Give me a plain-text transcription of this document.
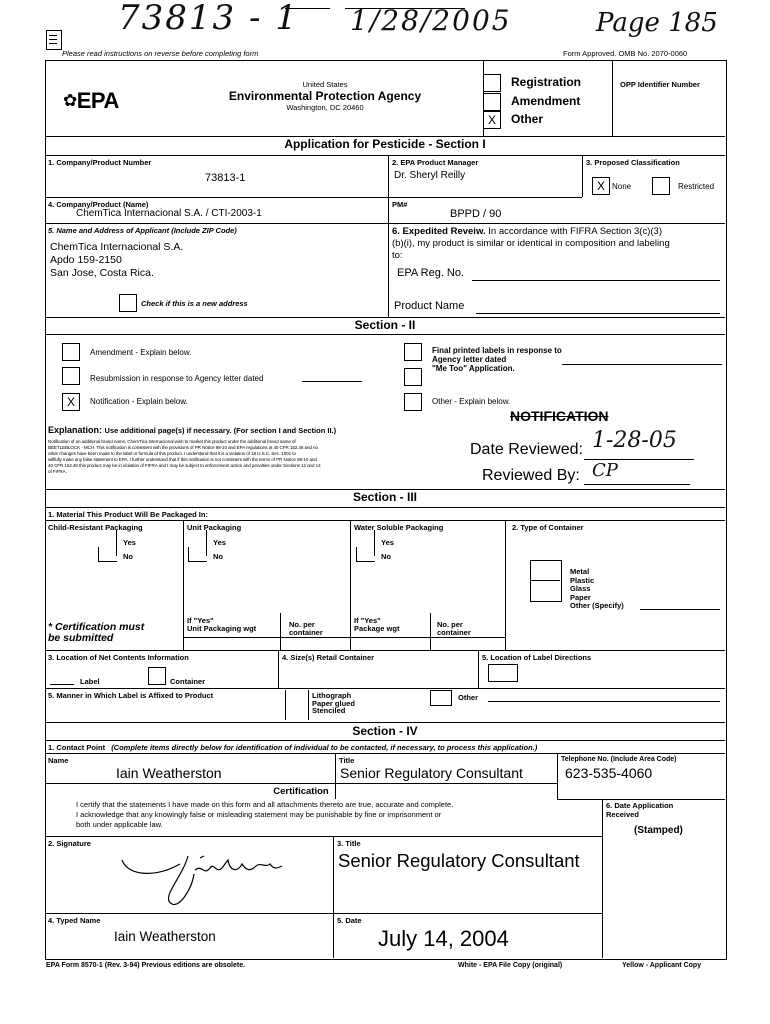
73813 - 1 1/28/2005	Page 185
Please read instructions on reverse before completing form	Form Approved. OMB No. 2070-0060
✿EPA
United States
Environmental Protection Agency
Washington, DC 20460
X
Registration
Amendment
Other
OPP Identifier Number
Application for Pesticide - Section I
1. Company/Product Number
73813-1
2. EPA Product Manager
Dr. Sheryl Reilly
3. Proposed Classification
X None	Restricted
4. Company/Product (Name)
ChemTica Internacional S.A. / CTI-2003-1
PM#
BPPD / 90
5. Name and Address of Applicant (Include ZIP Code)
ChemTica Internacional S.A.
Apdo 159-2150
San Jose, Costa Rica.
Check if this is a new address
6. Expedited Reveiw. In accordance with FIFRA Section 3(c)(3)
(b)(i), my product is similar or identical in composition and labeling
to:
EPA Reg. No.
Product Name
Section - II
Amendment - Explain below.
Resubmission in response to Agency letter dated
X	Notification - Explain below.
Final printed labels in response to
Agency letter dated
"Me Too" Application.
Other - Explain below.
NOTIFICATION
Explanation: Use additional page(s) if necessary. (For section I and Section II.)
Notification of an additional brand name, ChemTica Internacional wish to market this product under the additional brand name of
BEETLEBLOCK - MCH. This notification is consistent with the provisions of PR Notice 98-10 and EPA regulations at 40 CFR 152.46 and no
other changes have been made to the label or formula of this product. I understand that it is a violation of 18 U.S.C. Sec. 1001 to
willfully make any false statement to EPA. I further understand that if this notification is not consistent with the terms of PR Notice 98-10 and
40 CFR 152.46 this product may be in violation of FIFRA and I may be subject to enforcement action and penalties under Sections 12 and 14
of FIFRA.
Date Reviewed: 1-28-05
Reviewed By: CP
Section - III
1. Material This Product Will Be Packaged In:
Child-Resistant Packaging	Unit Packaging	Water Soluble Packaging	2. Type of Container
Yes
No
Yes
No
Yes
No
Metal
Plastic
Glass
Paper
Other (Specify)
* Certification must
be submitted
If "Yes"
Unit Packaging wgt	No. per
container
If "Yes"
Package wgt	No. per
container
3. Location of Net Contents Information	4. Size(s) Retail Container	5. Location of Label Directions
Label	Container
5. Manner in Which Label is Affixed to Product	Lithograph
Paper glued
Stenciled
Other
Section - IV
1. Contact Point (Complete items directly below for identification of individual to be contacted, if necessary, to process this application.)
Name
Iain Weatherston
Title
Senior Regulatory Consultant
Telephone No. (Include Area Code)
623-535-4060
Certification
I certify that the statements I have made on this form and all attachments thereto are true, accurate and complete.
I acknowledge that any knowingly false or misleading statement may be punishable by fine or imprisonment or
both under applicable law.
6. Date Application
Received
(Stamped)
2. Signature	3. Title
Senior Regulatory Consultant
4. Typed Name
Iain Weatherston
5. Date
July 14, 2004
EPA Form 8570-1 (Rev. 3-94) Previous editions are obsolete.	White - EPA File Copy (original)	Yellow - Applicant Copy
